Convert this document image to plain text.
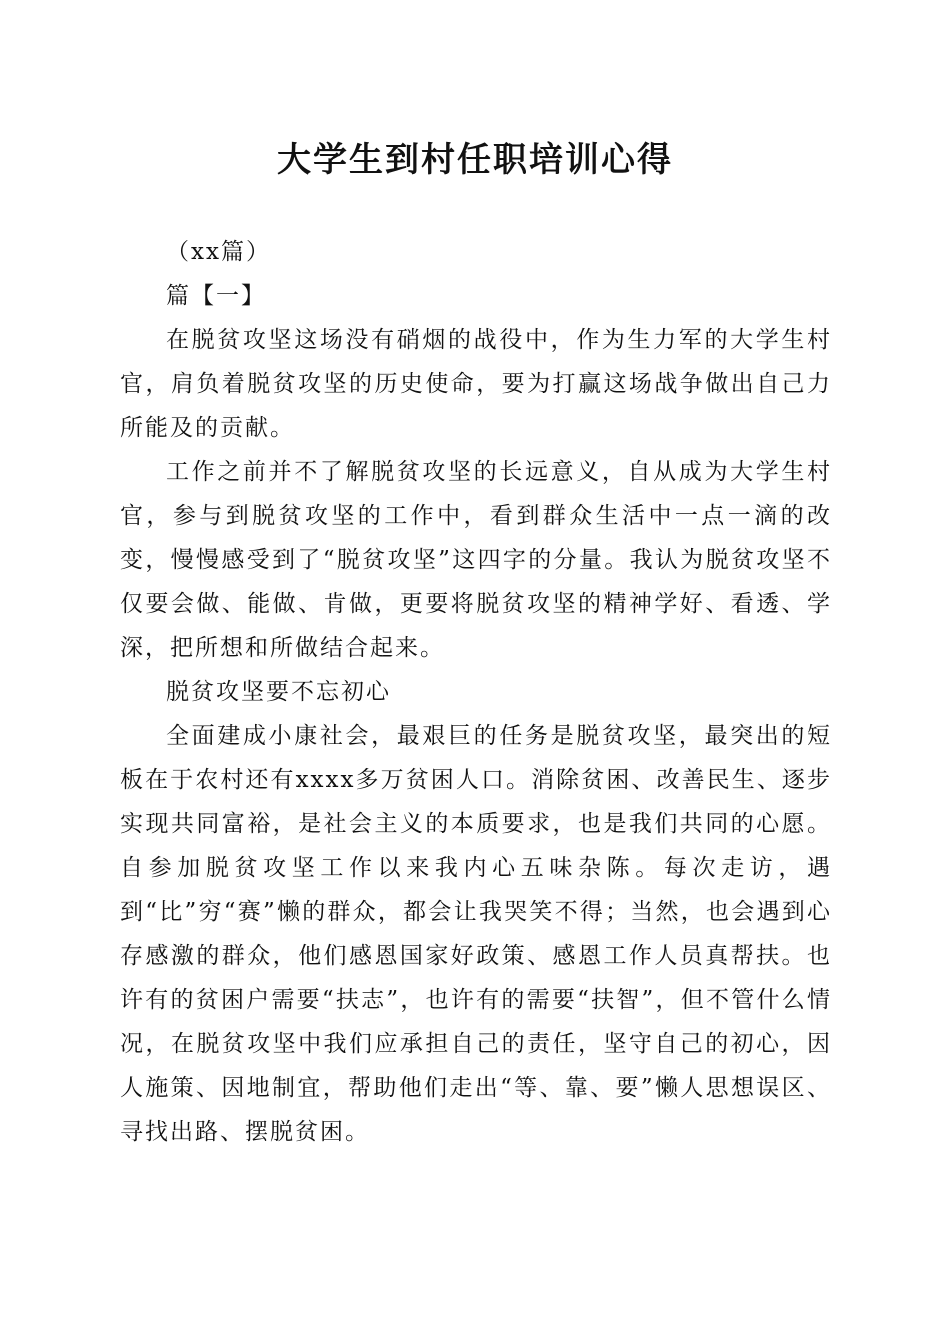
大学生到村任职培训心得

（xx篇）

篇【一】

在脱贫攻坚这场没有硝烟的战役中，作为生力军的大学生村官，肩负着脱贫攻坚的历史使命，要为打赢这场战争做出自己力所能及的贡献。

工作之前并不了解脱贫攻坚的长远意义，自从成为大学生村官，参与到脱贫攻坚的工作中，看到群众生活中一点一滴的改变，慢慢感受到了“脱贫攻坚”这四字的分量。我认为脱贫攻坚不仅要会做、能做、肯做，更要将脱贫攻坚的精神学好、看透、学深，把所想和所做结合起来。

脱贫攻坚要不忘初心

全面建成小康社会，最艰巨的任务是脱贫攻坚，最突出的短板在于农村还有xxxx多万贫困人口。消除贫困、改善民生、逐步实现共同富裕，是社会主义的本质要求，也是我们共同的心愿。自参加脱贫攻坚工作以来我内心五味杂陈。每次走访，遇到“比”穷“赛”懒的群众，都会让我哭笑不得；当然，也会遇到心存感激的群众，他们感恩国家好政策、感恩工作人员真帮扶。也许有的贫困户需要“扶志”，也许有的需要“扶智”，但不管什么情况，在脱贫攻坚中我们应承担自己的责任，坚守自己的初心，因人施策、因地制宜，帮助他们走出“等、靠、要”懒人思想误区、寻找出路、摆脱贫困。
